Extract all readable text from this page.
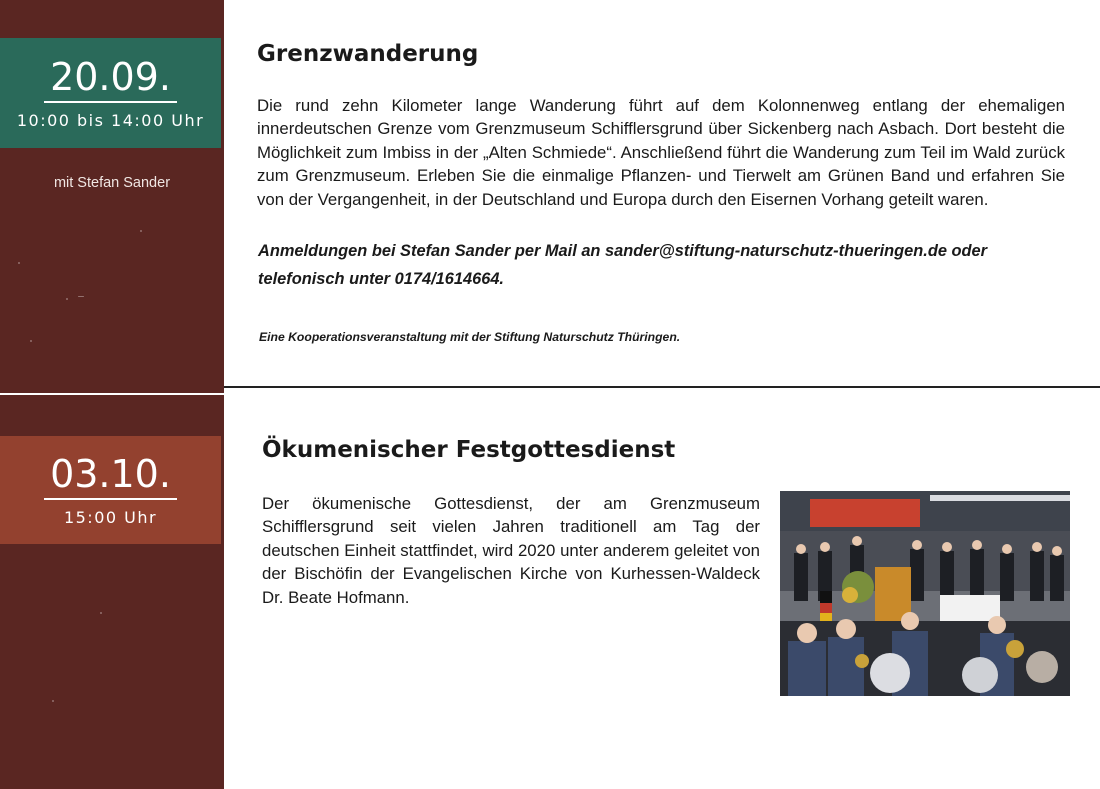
20.09.
10:00 bis 14:00 Uhr
mit Stefan Sander
Grenzwanderung

Die rund zehn Kilometer lange Wanderung führt auf dem Kolonnenweg entlang der ehemaligen innerdeutschen Grenze vom Grenzmuseum Schifflersgrund über Sickenberg nach Asbach. Dort besteht die Möglichkeit zum Imbiss in der „Alten Schmiede“. Anschließend führt die Wanderung zum Teil im Wald zurück zum Grenzmuseum. Erleben Sie die einmalige Pflanzen- und Tierwelt am Grünen Band und erfahren Sie von der Vergangenheit, in der Deutschland und Europa durch den Eisernen Vorhang geteilt waren.

Anmeldungen bei Stefan Sander per Mail an sander@stiftung-naturschutz-thueringen.de oder telefonisch unter 0174/1614664.

Eine Kooperationsveranstaltung mit der Stiftung Naturschutz Thüringen.

03.10.
15:00 Uhr
Ökumenischer Festgottesdienst

Der ökumenische Gottesdienst, der am Grenzmuseum Schifflersgrund seit vielen Jahren traditionell am Tag der deutschen Einheit stattfindet, wird 2020 unter anderem geleitet von der Bischöfin der Evangelischen Kirche von Kurhessen-Waldeck Dr. Beate Hofmann.
